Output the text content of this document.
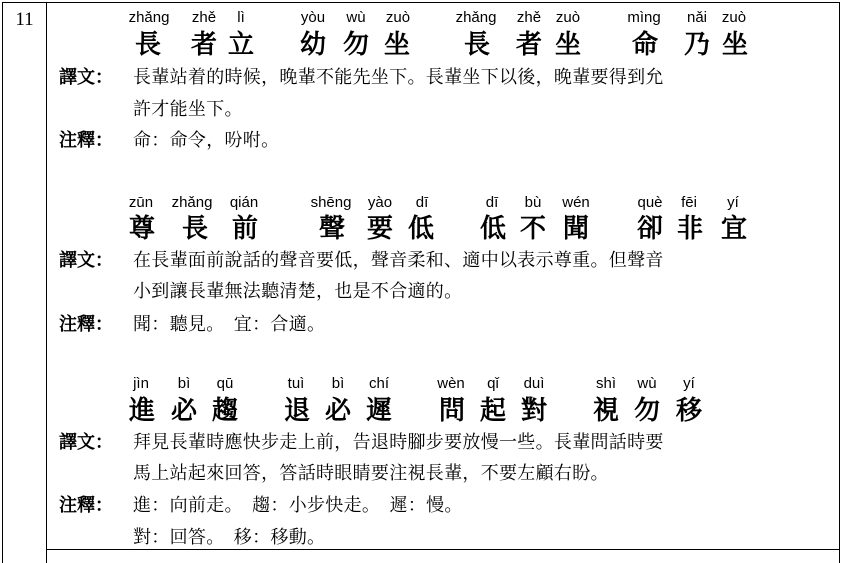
11	zhǎng zhě lì	yòu wù zuò	zhǎng zhě zuò	mìng nǎi zuò
長 者 立 幼 勿 坐 長 者 坐 命 乃 坐
譯文： 長輩站着的時候，晚輩不能先坐下。長輩坐下以後，晚輩要得到允
許才能坐下。
注釋： 命：命令，吩咐。
zūn zhǎng qián	shēng yào dī	dī bù wén	què fēi yí
尊 長 前 聲 要 低 低 不 聞 卻 非 宜
譯文： 在長輩面前說話的聲音要低，聲音柔和、適中以表示尊重。但聲音
小到讓長輩無法聽清楚，也是不合適的。
注釋： 聞：聽見。　宜：合適。
jìn bì qū	tuì bì chí	wèn qǐ duì	shì wù yí
進 必 趨 退 必 遲 問 起 對 視 勿 移
譯文： 拜見長輩時應快步走上前，告退時腳步要放慢一些。長輩問話時要
馬上站起來回答，答話時眼睛要注視長輩，不要左顧右盼。
注釋： 進：向前走。　趨：小步快走。　遲：慢。
對：回答。　移：移動。
